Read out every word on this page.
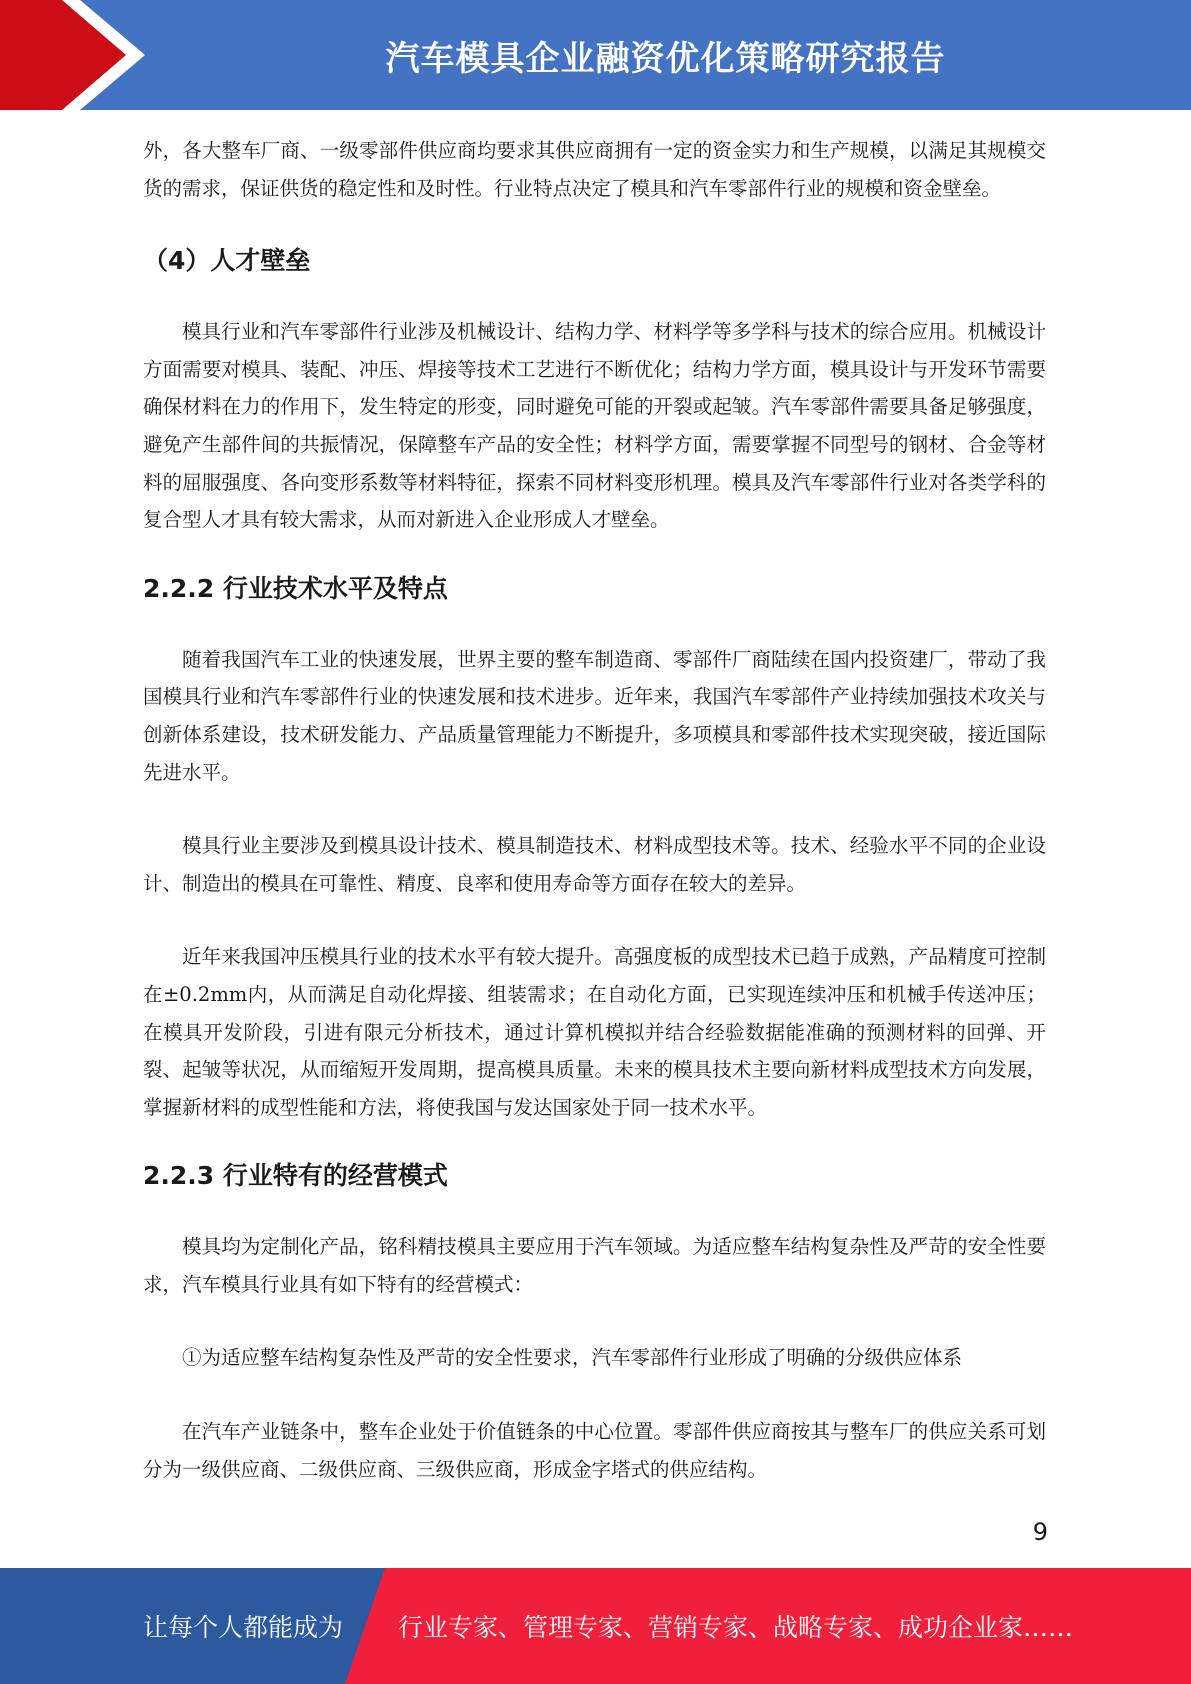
汽车模具企业融资优化策略研究报告

外，各大整车厂商、一级零部件供应商均要求其供应商拥有一定的资金实力和生产规模，以满足其规模交货的需求，保证供货的稳定性和及时性。行业特点决定了模具和汽车零部件行业的规模和资金壁垒。

（4）人才壁垒

模具行业和汽车零部件行业涉及机械设计、结构力学、材料学等多学科与技术的综合应用。机械设计方面需要对模具、装配、冲压、焊接等技术工艺进行不断优化；结构力学方面，模具设计与开发环节需要确保材料在力的作用下，发生特定的形变，同时避免可能的开裂或起皱。汽车零部件需要具备足够强度，避免产生部件间的共振情况，保障整车产品的安全性；材料学方面，需要掌握不同型号的钢材、合金等材料的屈服强度、各向变形系数等材料特征，探索不同材料变形机理。模具及汽车零部件行业对各类学科的复合型人才具有较大需求，从而对新进入企业形成人才壁垒。

2.2.2 行业技术水平及特点

随着我国汽车工业的快速发展，世界主要的整车制造商、零部件厂商陆续在国内投资建厂，带动了我国模具行业和汽车零部件行业的快速发展和技术进步。近年来，我国汽车零部件产业持续加强技术攻关与创新体系建设，技术研发能力、产品质量管理能力不断提升，多项模具和零部件技术实现突破，接近国际先进水平。

模具行业主要涉及到模具设计技术、模具制造技术、材料成型技术等。技术、经验水平不同的企业设计、制造出的模具在可靠性、精度、良率和使用寿命等方面存在较大的差异。

近年来我国冲压模具行业的技术水平有较大提升。高强度板的成型技术已趋于成熟，产品精度可控制在±0.2mm内，从而满足自动化焊接、组装需求；在自动化方面，已实现连续冲压和机械手传送冲压；在模具开发阶段，引进有限元分析技术，通过计算机模拟并结合经验数据能准确的预测材料的回弹、开裂、起皱等状况，从而缩短开发周期，提高模具质量。未来的模具技术主要向新材料成型技术方向发展，掌握新材料的成型性能和方法，将使我国与发达国家处于同一技术水平。

2.2.3 行业特有的经营模式

模具均为定制化产品，铭科精技模具主要应用于汽车领域。为适应整车结构复杂性及严苛的安全性要求，汽车模具行业具有如下特有的经营模式：

①为适应整车结构复杂性及严苛的安全性要求，汽车零部件行业形成了明确的分级供应体系

在汽车产业链条中，整车企业处于价值链条的中心位置。零部件供应商按其与整车厂的供应关系可划分为一级供应商、二级供应商、三级供应商，形成金字塔式的供应结构。

9
让每个人都能成为 行业专家、管理专家、营销专家、战略专家、成功企业家……
